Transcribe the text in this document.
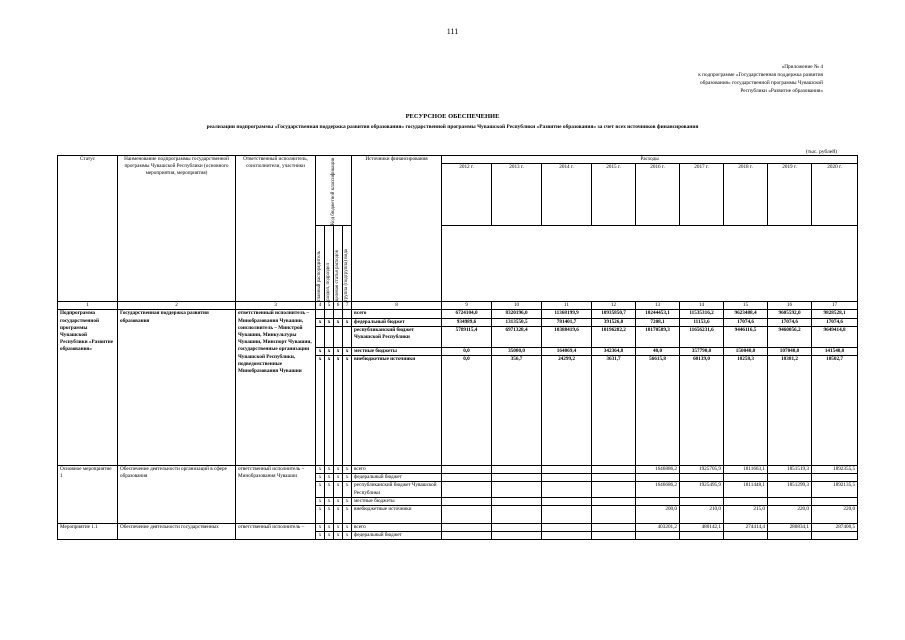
111
«Приложение № 4
к подпрограмме «Государственная поддержка развития
образования» государственной программы Чувашской
Республики «Развитие образования»
РЕСУРСНОЕ ОБЕСПЕЧЕНИЕ
реализации подпрограммы «Государственная поддержка развития образования» государственной программы Чувашской Республики «Развитие образования» за счет всех источников финансирования
(тыс. рублей)
Статус	Наименование подпрограммы государственной программы Чувашской Республики (основного мероприятия, мероприятия)	Ответственный исполнитель, соисполнители, участники	Код бюджетной классификации				Источники финансирования	Расходы								
								2012 г.	2013 г.	2014 г.	2015 г.	2016 г.	2017 г.	2018 г.	2019 г.	2020 г.

			главный распорядитель	раздел, подраздел	целевая статья расходов	группа (подгруппа) вида										

1	2	3	4	5	6	7	8	9	10	11	12	13	14	15	16	17
Подпрограмма государственной программы Чувашской Республики «Развитие образования»	Государственная поддержка развития образования	ответственный исполнитель – Минобразования Чувашии, соисполнитель – Минстрой Чувашии, Минкультуры Чувашии, Минспорт Чувашии, государственные организации Чувашской Республики, подведомственные Минобразования Чувашии					всего	6724104,0	8320196,0	11368199,9	10935850,7	10244453,1	11535316,2	9623488,4	9605592,0	9828528,1
			x	x	x	x	федеральный бюджет	934989,6	1313550,5	781401,7	391526,0	7208,1	11153,6	17074,6	17074,6	17074,6
							республиканский бюджет Чувашской Республики	5789115,4	6971328,4	10388419,6	10196282,2	10170589,3	11656231,6	9446116,5	9460056,2	9649414,8
			x	x	x	x	местные бюджеты	0,0	35000,0	164069,4	342364,8	40,0	357790,0	150040,0	107040,0	141540,0
			x	x	x	x	внебюджетные источники	0,0	356,7	24299,2	3631,7	56615,8	60139,0	10258,3	10381,2	10502,7
Основное мероприятие 1	Обеспечение деятельности организаций в сфере образования	ответственный исполнитель – Минобразования Чувашии	x	x	x	x	всего					1646886,2	1925705,9	1811663,1	1851519,3	1892355,5
			x	x	x	x	федеральный бюджет									
			x	x	x	x	республиканский бюджет Чувашской Республики					1646686,2	1925495,9	1811448,1	1851299,3	1892135,5
			x	x	x	x	местные бюджеты									
			x	x	x	x	внебюджетные источники					200,0	210,0	215,0	220,0	220,0
Мероприятие 1.1	Обеспечение деятельности государственных	ответственный исполнитель –	x	x	x	x	всего					403201,2	480142,1	274414,4	280834,1	287400,5
			x	x	x	x	федеральный бюджет									
